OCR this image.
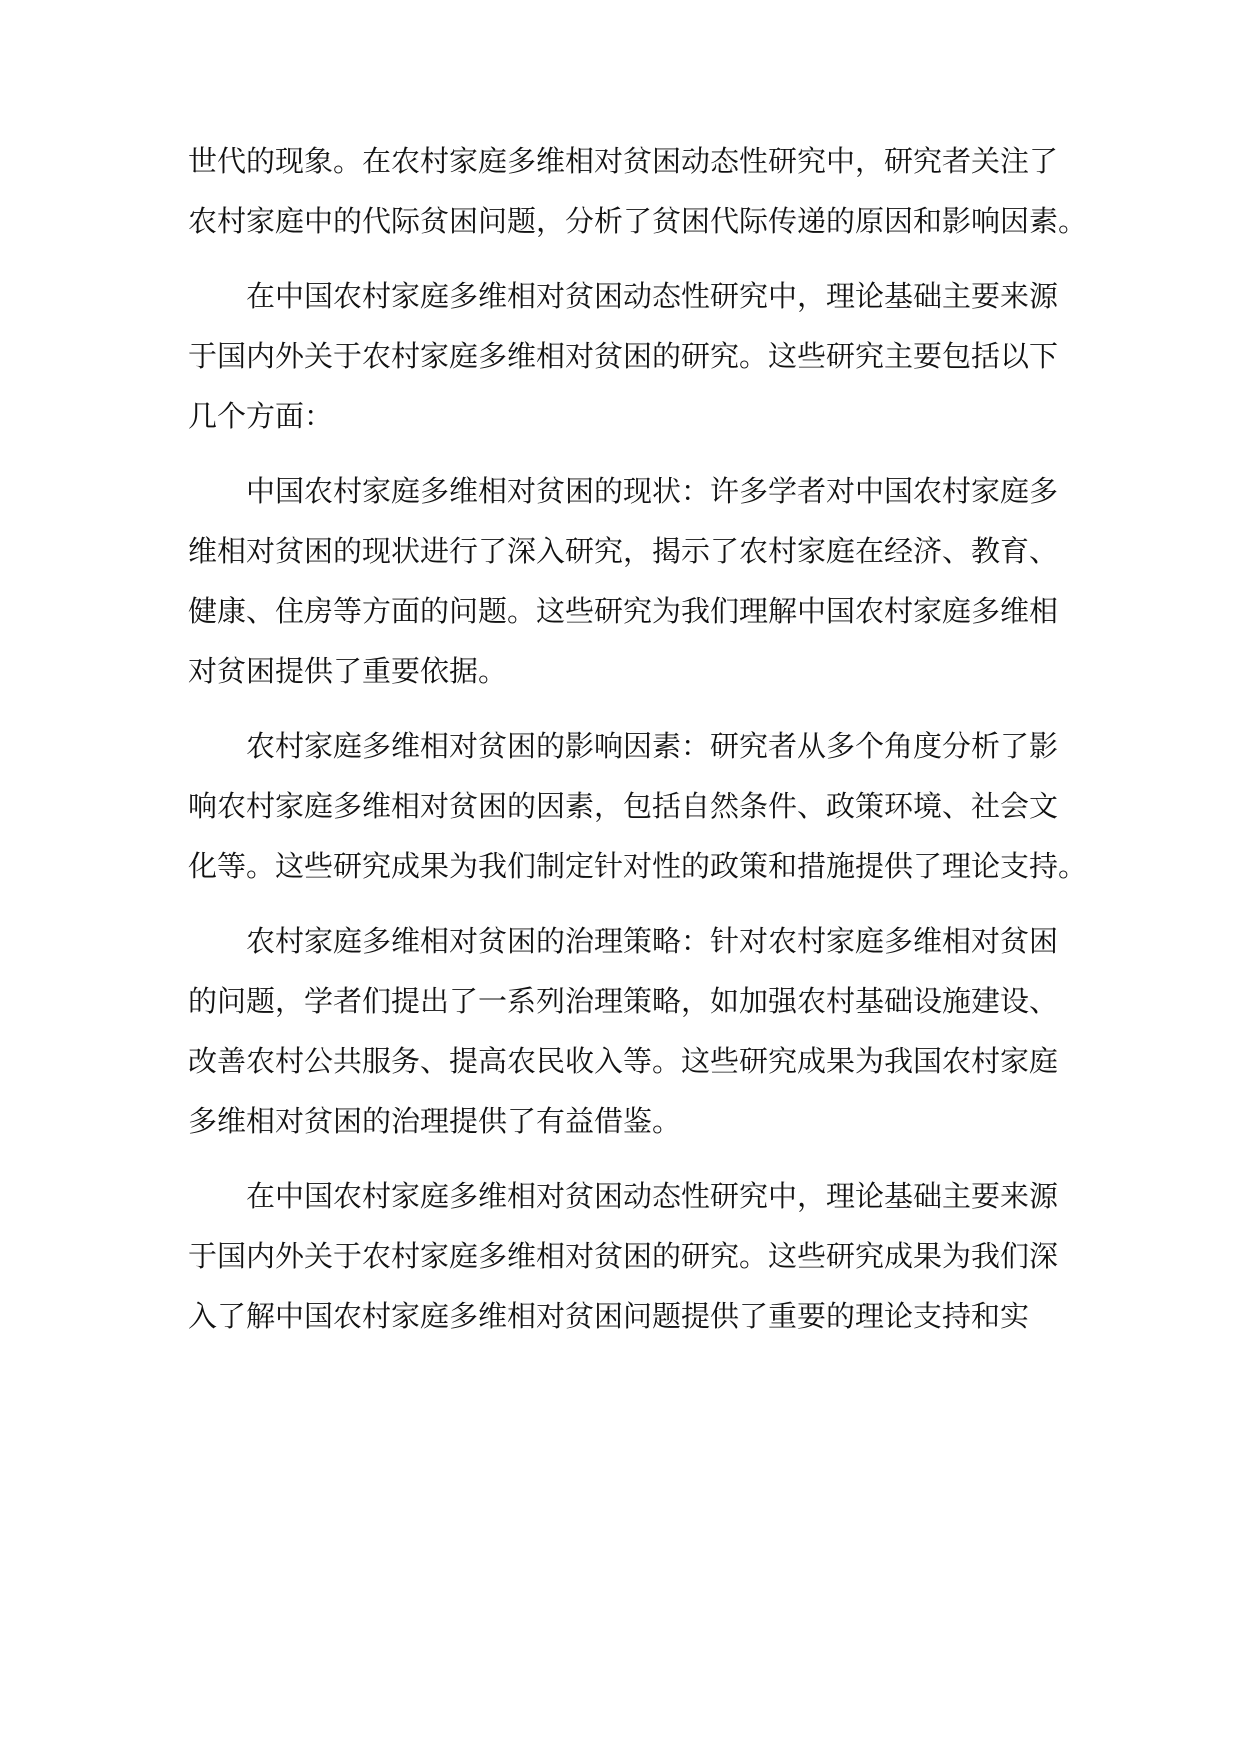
世代的现象。在农村家庭多维相对贫困动态性研究中，研究者关注了
农村家庭中的代际贫困问题，分析了贫困代际传递的原因和影响因素。
在中国农村家庭多维相对贫困动态性研究中，理论基础主要来源
于国内外关于农村家庭多维相对贫困的研究。这些研究主要包括以下
几个方面：
中国农村家庭多维相对贫困的现状：许多学者对中国农村家庭多
维相对贫困的现状进行了深入研究，揭示了农村家庭在经济、教育、
健康、住房等方面的问题。这些研究为我们理解中国农村家庭多维相
对贫困提供了重要依据。
农村家庭多维相对贫困的影响因素：研究者从多个角度分析了影
响农村家庭多维相对贫困的因素，包括自然条件、政策环境、社会文
化等。这些研究成果为我们制定针对性的政策和措施提供了理论支持。
农村家庭多维相对贫困的治理策略：针对农村家庭多维相对贫困
的问题，学者们提出了一系列治理策略，如加强农村基础设施建设、
改善农村公共服务、提高农民收入等。这些研究成果为我国农村家庭
多维相对贫困的治理提供了有益借鉴。
在中国农村家庭多维相对贫困动态性研究中，理论基础主要来源
于国内外关于农村家庭多维相对贫困的研究。这些研究成果为我们深
入了解中国农村家庭多维相对贫困问题提供了重要的理论支持和实
